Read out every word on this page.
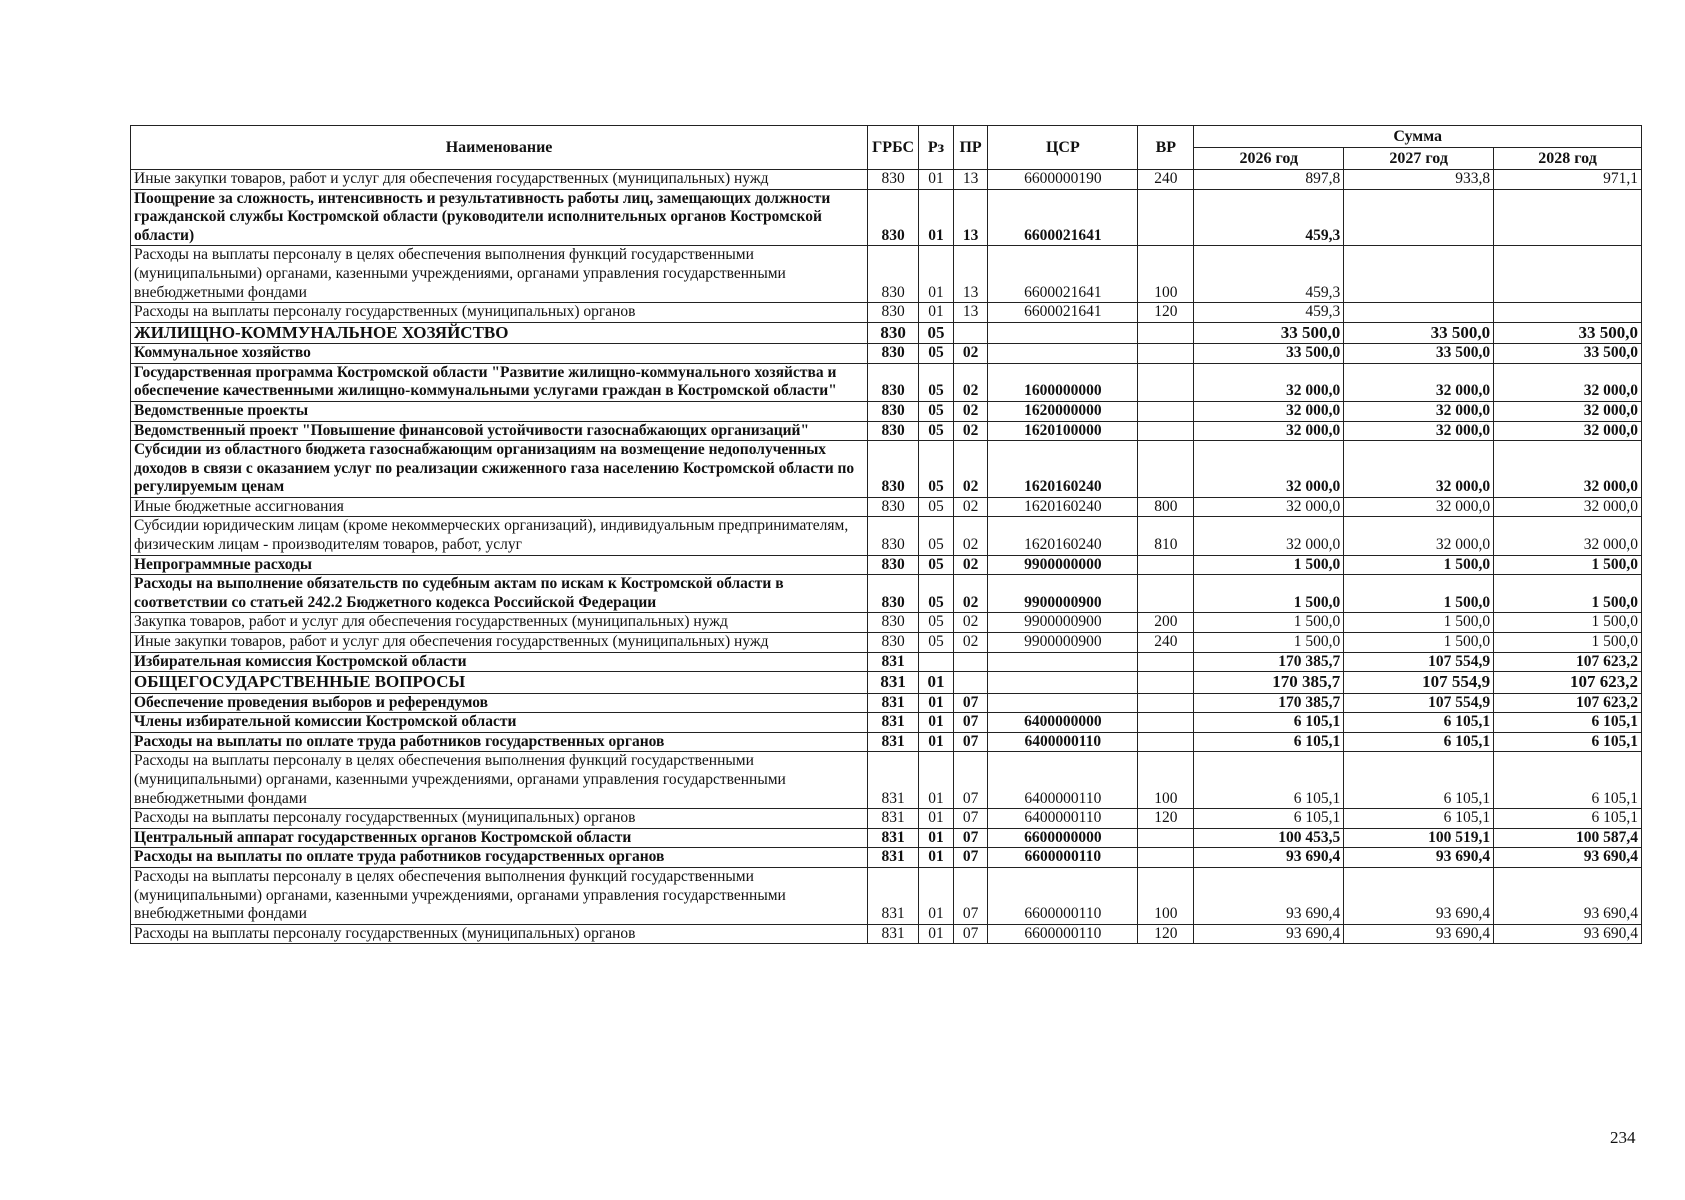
Наименование	ГРБС	Рз	ПР	ЦСР	ВР	Сумма		
						2026 год	2027 год	2028 год
Иные закупки товаров, работ и услуг для обеспечения государственных (муниципальных) нужд	830	01	13	6600000190	240	897,8	933,8	971,1
Поощрение за сложность, интенсивность и результативность работы лиц, замещающих должности гражданской службы Костромской области (руководители исполнительных органов Костромской области)	830	01	13	6600021641		459,3		
Расходы на выплаты персоналу в целях обеспечения выполнения функций государственными (муниципальными) органами, казенными учреждениями, органами управления государственными внебюджетными фондами	830	01	13	6600021641	100	459,3		
Расходы на выплаты персоналу государственных (муниципальных) органов	830	01	13	6600021641	120	459,3		
ЖИЛИЩНО-КОММУНАЛЬНОЕ ХОЗЯЙСТВО	830	05				33 500,0	33 500,0	33 500,0
Коммунальное хозяйство	830	05	02			33 500,0	33 500,0	33 500,0
Государственная программа Костромской области "Развитие жилищно-коммунального хозяйства и обеспечение качественными жилищно-коммунальными услугами граждан в Костромской области"	830	05	02	1600000000		32 000,0	32 000,0	32 000,0
Ведомственные проекты	830	05	02	1620000000		32 000,0	32 000,0	32 000,0
Ведомственный проект "Повышение финансовой устойчивости газоснабжающих организаций"	830	05	02	1620100000		32 000,0	32 000,0	32 000,0
Субсидии из областного бюджета газоснабжающим организациям на возмещение недополученных доходов в связи с оказанием услуг по реализации сжиженного газа населению Костромской области по регулируемым ценам	830	05	02	1620160240		32 000,0	32 000,0	32 000,0
Иные бюджетные ассигнования	830	05	02	1620160240	800	32 000,0	32 000,0	32 000,0
Субсидии юридическим лицам (кроме некоммерческих организаций), индивидуальным предпринимателям, физическим лицам - производителям товаров, работ, услуг	830	05	02	1620160240	810	32 000,0	32 000,0	32 000,0
Непрограммные расходы	830	05	02	9900000000		1 500,0	1 500,0	1 500,0
Расходы на выполнение обязательств по судебным актам по искам к Костромской области в соответствии со статьей 242.2 Бюджетного кодекса Российской Федерации	830	05	02	9900000900		1 500,0	1 500,0	1 500,0
Закупка товаров, работ и услуг для обеспечения государственных (муниципальных) нужд	830	05	02	9900000900	200	1 500,0	1 500,0	1 500,0
Иные закупки товаров, работ и услуг для обеспечения государственных (муниципальных) нужд	830	05	02	9900000900	240	1 500,0	1 500,0	1 500,0
Избирательная комиссия Костромской области	831					170 385,7	107 554,9	107 623,2
ОБЩЕГОСУДАРСТВЕННЫЕ ВОПРОСЫ	831	01				170 385,7	107 554,9	107 623,2
Обеспечение проведения выборов и референдумов	831	01	07			170 385,7	107 554,9	107 623,2
Члены избирательной комиссии Костромской области	831	01	07	6400000000		6 105,1	6 105,1	6 105,1
Расходы на выплаты по оплате труда работников государственных органов	831	01	07	6400000110		6 105,1	6 105,1	6 105,1
Расходы на выплаты персоналу в целях обеспечения выполнения функций государственными (муниципальными) органами, казенными учреждениями, органами управления государственными внебюджетными фондами	831	01	07	6400000110	100	6 105,1	6 105,1	6 105,1
Расходы на выплаты персоналу государственных (муниципальных) органов	831	01	07	6400000110	120	6 105,1	6 105,1	6 105,1
Центральный аппарат государственных органов Костромской области	831	01	07	6600000000		100 453,5	100 519,1	100 587,4
Расходы на выплаты по оплате труда работников государственных органов	831	01	07	6600000110		93 690,4	93 690,4	93 690,4
Расходы на выплаты персоналу в целях обеспечения выполнения функций государственными (муниципальными) органами, казенными учреждениями, органами управления государственными внебюджетными фондами	831	01	07	6600000110	100	93 690,4	93 690,4	93 690,4
Расходы на выплаты персоналу государственных (муниципальных) органов	831	01	07	6600000110	120	93 690,4	93 690,4	93 690,4
234
